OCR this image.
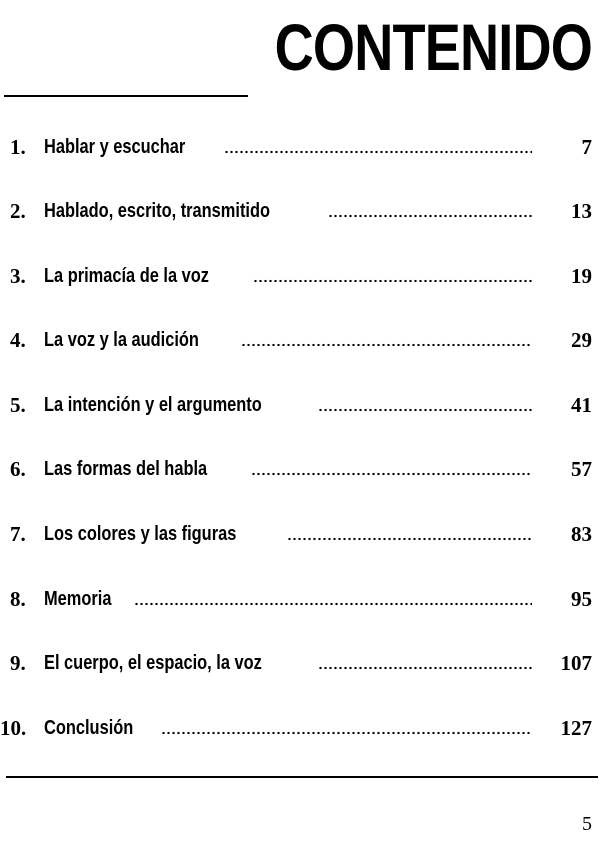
CONTENIDO
1. Hablar y escuchar	7
2. Hablado, escrito, transmitido	13
3. La primacía de la voz	19
4. La voz y la audición	29
5. La intención y el argumento	41
6. Las formas del habla	57
7. Los colores y las figuras	83
8. Memoria	95
9. El cuerpo, el espacio, la voz	107
10. Conclusión	127
5
